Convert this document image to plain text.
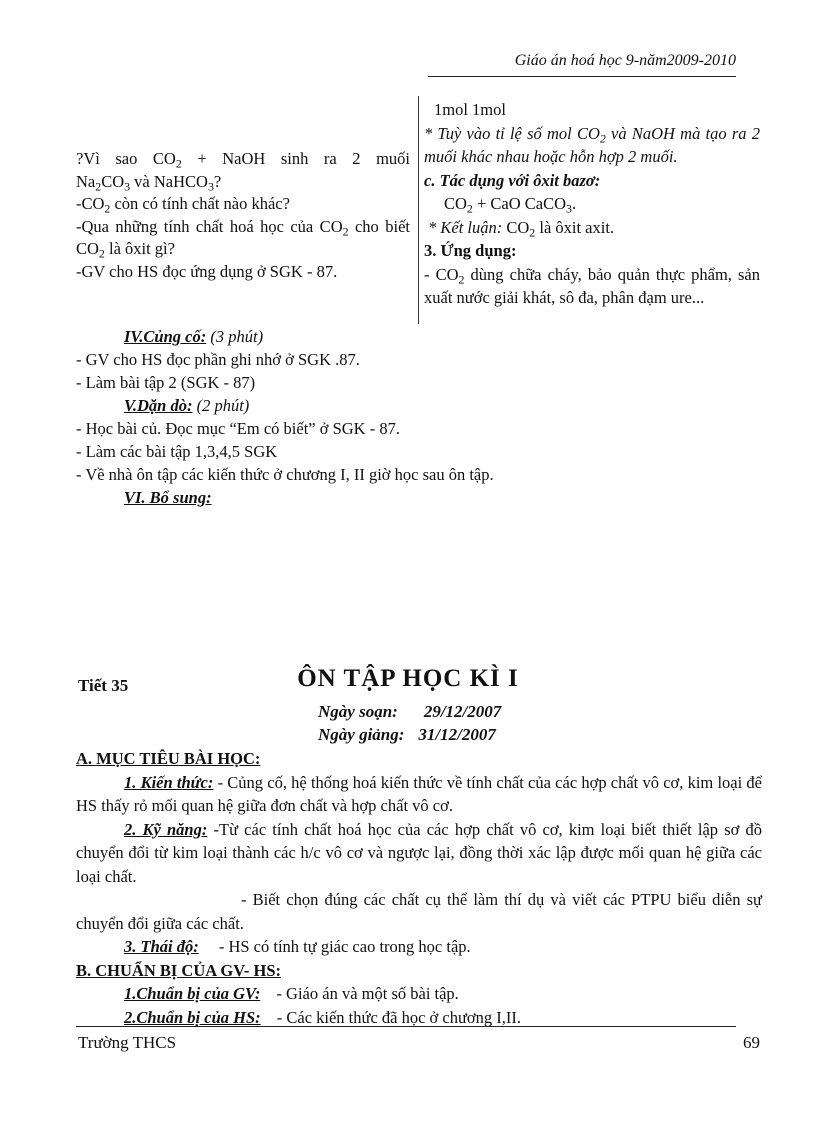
Giáo án hoá học 9-năm2009-2010
?Vì sao $CO_2$ + NaOH sinh ra 2 muối
$Na_2CO_3$ và NaHCO$_3$?
$-CO_2$ còn có tính chất nào khác?
-Qua những tính chất hoá học của $CO_2$ cho biết $CO_2$ là ôxit gì?
-GV cho HS đọc ứng dụng ở SGK - 87.
1mol 1mol
* Tuỳ vào tỉ lệ số mol $CO_2$ và NaOH mà tạo ra 2 muối khác nhau hoặc hỗn hợp 2 muối.
c. Tác dụng với ôxit bazơ:
$CO_2$ + CaO CaCO$_3$.
* Kết luận: $CO_2$ là ôxit axit.
3. Ứng dụng:
- $CO_2$ dùng chữa cháy, bảo quản thực phẩm, sản xuất nước giải khát, sô đa, phân đạm ure...
IV.Củng cố: (3 phút)
- GV cho HS đọc phần ghi nhớ ở SGK .87.
- Làm bài tập 2 (SGK - 87)
V.Dặn dò: (2 phút)
- Học bài củ. Đọc mục “Em có biết” ở SGK - 87.
- Làm các bài tập 1,3,4,5 SGK
- Về nhà ôn tập các kiến thức ở chương I, II giờ học sau ôn tập.
VI. Bổ sung:
Tiết 35	ÔN TẬP HỌC KÌ I
Ngày soạn: 29/12/2007
Ngày giảng: 31/12/2007
A. MỤC TIÊU BÀI HỌC:
1. Kiến thức: - Củng cố, hệ thống hoá kiến thức về tính chất của các hợp chất vô cơ, kim loại để HS thấy rỏ mối quan hệ giữa đơn chất và hợp chất vô cơ.
2. Kỹ năng: -Từ các tính chất hoá học của các hợp chất vô cơ, kim loại biết thiết lập sơ đồ chuyển đổi từ kim loại thành các h/c vô cơ và ngược lại, đồng thời xác lập được mối quan hệ giữa các loại chất.
- Biết chọn đúng các chất cụ thể làm thí dụ và viết các PTPU biểu diễn sự chuyển đổi giữa các chất.
3. Thái độ: - HS có tính tự giác cao trong học tập.
B. CHUẨN BỊ CỦA GV- HS:
1.Chuẩn bị của GV: - Giáo án và một số bài tập.
2.Chuẩn bị của HS: - Các kiến thức đã học ở chương I,II.
Trường THCS	69
